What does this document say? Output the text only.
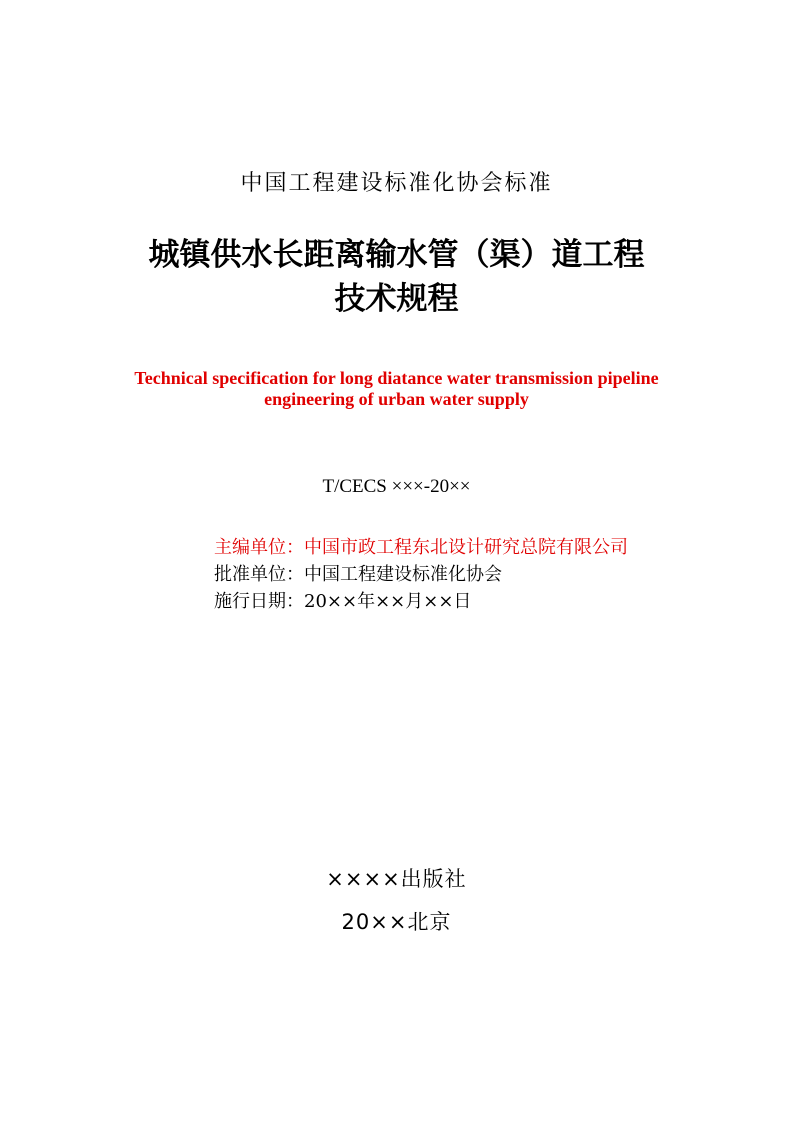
中国工程建设标准化协会标准
城镇供水长距离输水管（渠）道工程
技术规程
Technical specification for long diatance water transmission pipeline
engineering of urban water supply
T/CECS ×××-20××
主编单位：中国市政工程东北设计研究总院有限公司
批准单位：中国工程建设标准化协会
施行日期：20××年××月××日
××××出版社
20××北京
